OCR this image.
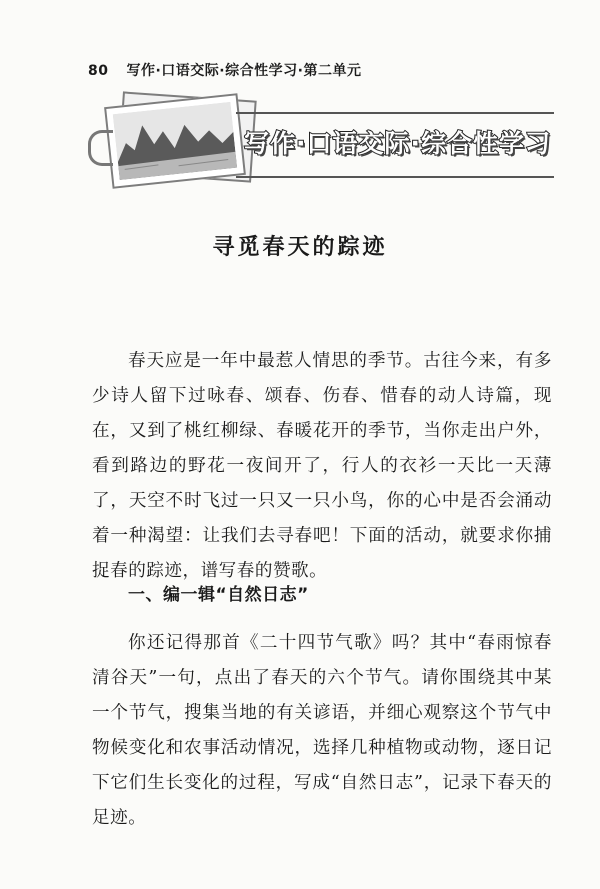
80 写作·口语交际·综合性学习·第二单元
写作·口语交际·综合性学习
寻觅春天的踪迹

春天应是一年中最惹人情思的季节。古往今来，有多少诗人留下过咏春、颂春、伤春、惜春的动人诗篇，现在，又到了桃红柳绿、春暖花开的季节，当你走出户外，看到路边的野花一夜间开了，行人的衣衫一天比一天薄了，天空不时飞过一只又一只小鸟，你的心中是否会涌动着一种渴望：让我们去寻春吧！下面的活动，就要求你捕捉春的踪迹，谱写春的赞歌。

一、编一辑“自然日志”

你还记得那首《二十四节气歌》吗？其中“春雨惊春清谷天”一句，点出了春天的六个节气。请你围绕其中某一个节气，搜集当地的有关谚语，并细心观察这个节气中物候变化和农事活动情况，选择几种植物或动物，逐日记下它们生长变化的过程，写成“自然日志”，记录下春天的足迹。
